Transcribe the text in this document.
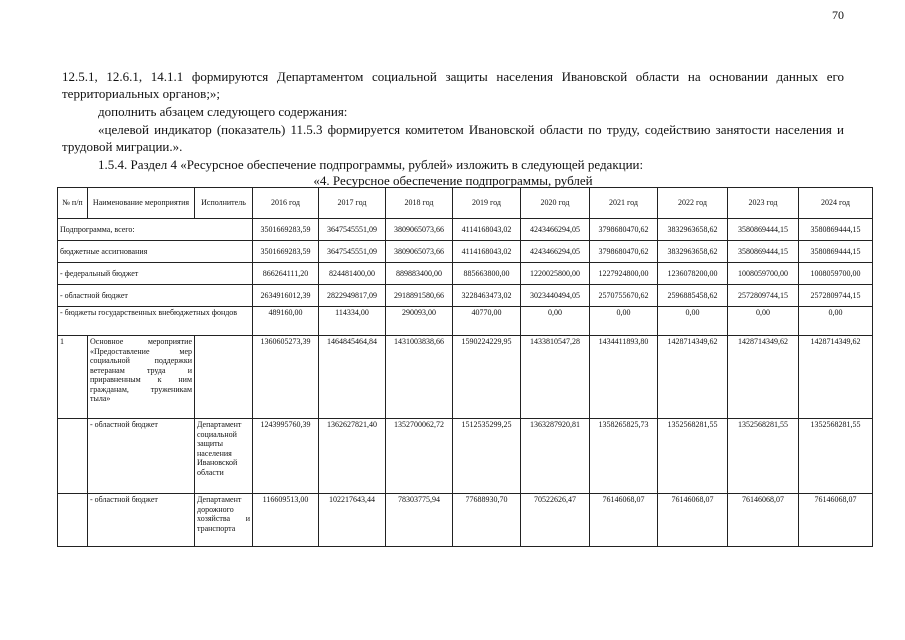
70

12.5.1, 12.6.1, 14.1.1 формируются Департаментом социальной защиты населения Ивановской области на основании данных его территориальных органов;»;

дополнить абзацем следующего содержания:

«целевой индикатор (показатель) 11.5.3 формируется комитетом Ивановской области по труду, содействию занятости населения и трудовой миграции.».

1.5.4. Раздел 4 «Ресурсное обеспечение подпрограммы, рублей» изложить в следующей редакции:

«4. Ресурсное обеспечение подпрограммы, рублей
№ п/п	Наименование мероприятия	Исполнитель	2016 год	2017 год	2018 год	2019 год	2020 год	2021 год	2022 год	2023 год	2024 год
Подпрограмма, всего:			3501669283,59	3647545551,09	3809065073,66	4114168043,02	4243466294,05	3798680470,62	3832963658,62	3580869444,15	3580869444,15
бюджетные ассигнования			3501669283,59	3647545551,09	3809065073,66	4114168043,02	4243466294,05	3798680470,62	3832963658,62	3580869444,15	3580869444,15
- федеральный бюджет			866264111,20	824481400,00	889883400,00	885663800,00	1220025800,00	1227924800,00	1236078200,00	1008059700,00	1008059700,00
- областной бюджет			2634916012,39	2822949817,09	2918891580,66	3228463473,02	3023440494,05	2570755670,62	2596885458,62	2572809744,15	2572809744,15
- бюджеты государственных внебюджетных фондов			489160,00	114334,00	290093,00	40770,00	0,00	0,00	0,00	0,00	0,00
1	Основное мероприятие «Предоставление мер социальной поддержки ветеранам труда и приравненным к ним гражданам, труженикам тыла»		1360605273,39	1464845464,84	1431003838,66	1590224229,95	1433810547,28	1434411893,80	1428714349,62	1428714349,62	1428714349,62
	- областной бюджет	Департамент социальной защиты населения Ивановской области	1243995760,39	1362627821,40	1352700062,72	1512535299,25	1363287920,81	1358265825,73	1352568281,55	1352568281,55	1352568281,55
	- областной бюджет	Департамент дорожного хозяйства и транспорта	116609513,00	102217643,44	78303775,94	77688930,70	70522626,47	76146068,07	76146068,07	76146068,07	76146068,07
